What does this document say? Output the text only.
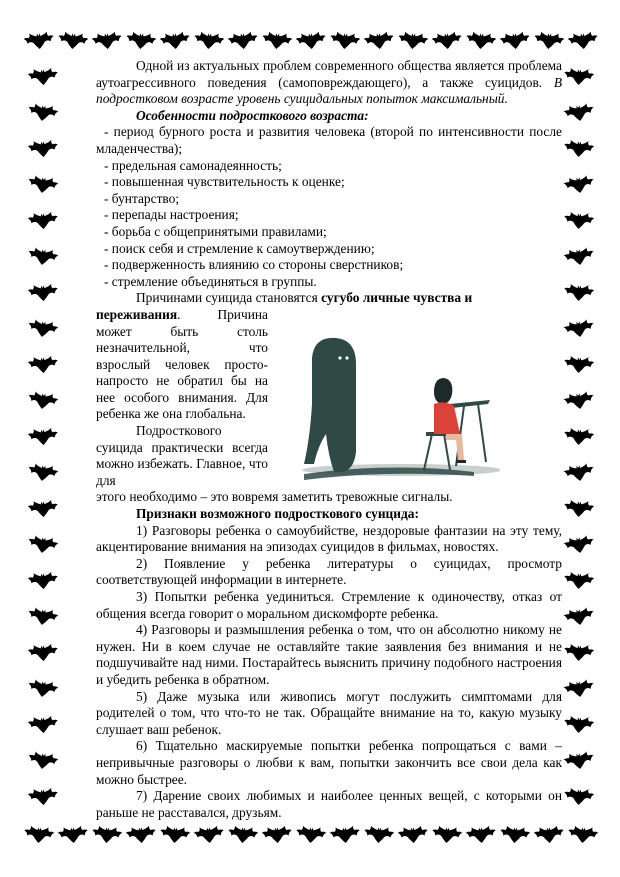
Одной из актуальных проблем современного общества является проблема аутоагрессивного поведения (самоповреждающего), а также суицидов. В подростковом возрасте уровень суицидальных попыток максимальный.

Особенности подросткового возраста:

- период бурного роста и развития человека (второй по интенсивности после младенчества);

- предельная самонадеянность;

- повышенная чувствительность к оценке;

- бунтарство;

- перепады настроения;

- борьба с общепринятыми правилами;

- поиск себя и стремление к самоутверждению;

- подверженность влиянию со стороны сверстников;

- стремление объединяться в группы.

Причинами суицида становятся сугубо личные чувства и

переживания. Причина может быть столь незначительной, что взрослый человек просто-напросто не обратил бы на нее особого внимания. Для ребенка же она глобальна.

Подросткового суицида практически всегда можно избежать. Главное, что для

этого необходимо – это вовремя заметить тревожные сигналы.

Признаки возможного подросткового суицида:

1) Разговоры ребенка о самоубийстве, нездоровые фантазии на эту тему, акцентирование внимания на эпизодах суицидов в фильмах, новостях.

2) Появление у ребенка литературы о суицидах, просмотр соответствующей информации в интернете.

3) Попытки ребенка уединиться. Стремление к одиночеству, отказ от общения всегда говорит о моральном дискомфорте ребенка.

4) Разговоры и размышления ребенка о том, что он абсолютно никому не нужен. Ни в коем случае не оставляйте такие заявления без внимания и не подшучивайте над ними. Постарайтесь выяснить причину подобного настроения и убедить ребенка в обратном.

5) Даже музыка или живопись могут послужить симптомами для родителей о том, что что-то не так. Обращайте внимание на то, какую музыку слушает ваш ребенок.

6) Тщательно маскируемые попытки ребенка попрощаться с вами – непривычные разговоры о любви к вам, попытки закончить все свои дела как можно быстрее.

7) Дарение своих любимых и наиболее ценных вещей, с которыми он раньше не расставался, друзьям.
